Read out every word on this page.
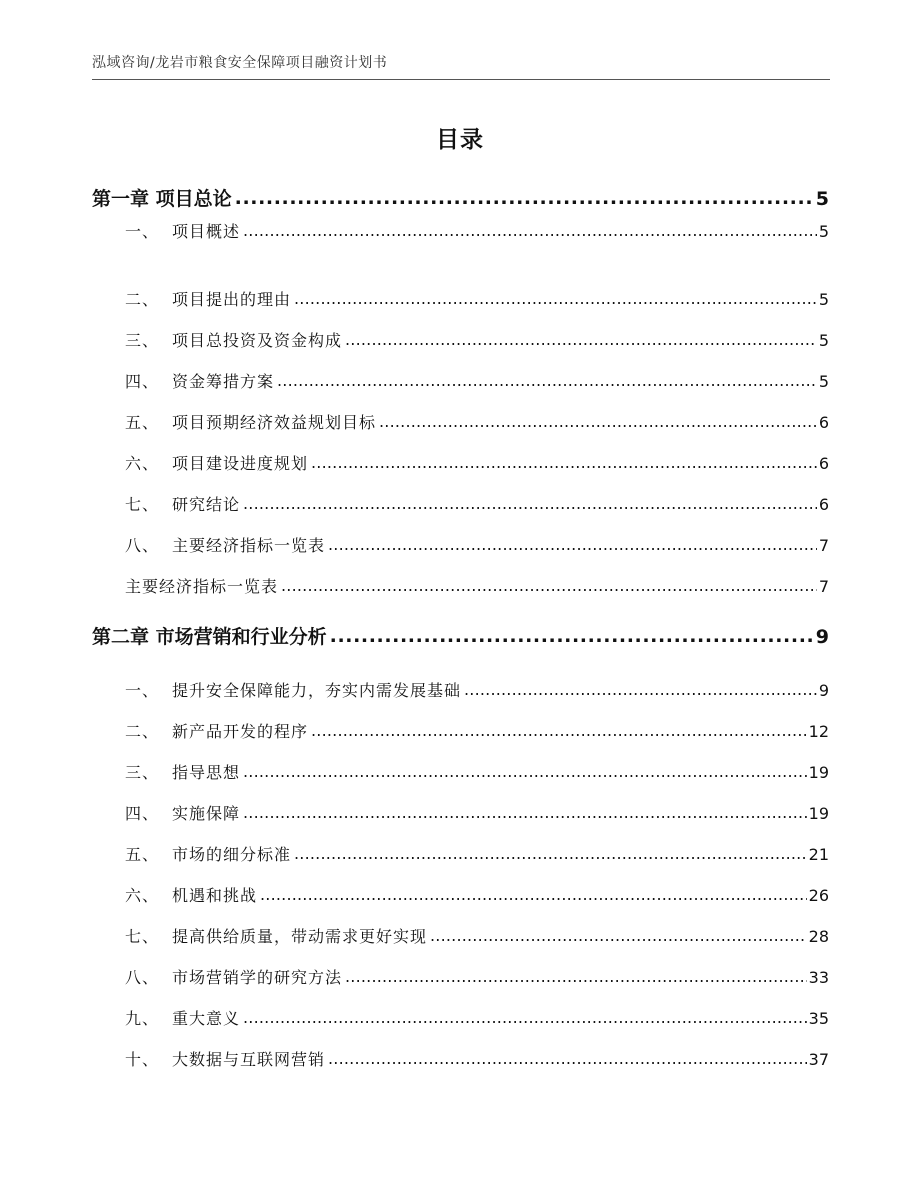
泓域咨询/龙岩市粮食安全保障项目融资计划书
目录
第一章 项目总论 .....	5
一、 项目概述 .....	5
二、 项目提出的理由 .....	5
三、 项目总投资及资金构成 .....	5
四、 资金筹措方案 .....	5
五、 项目预期经济效益规划目标 .....	6
六、 项目建设进度规划 .....	6
七、 研究结论 .....	6
八、 主要经济指标一览表 .....	7
主要经济指标一览表 .....	7
第二章 市场营销和行业分析 .....	9
一、 提升安全保障能力，夯实内需发展基础 .....	9
二、 新产品开发的程序 .....	12
三、 指导思想 .....	19
四、 实施保障 .....	19
五、 市场的细分标准 .....	21
六、 机遇和挑战 .....	26
七、 提高供给质量，带动需求更好实现 .....	28
八、 市场营销学的研究方法 .....	33
九、 重大意义 .....	35
十、 大数据与互联网营销 .....	37
